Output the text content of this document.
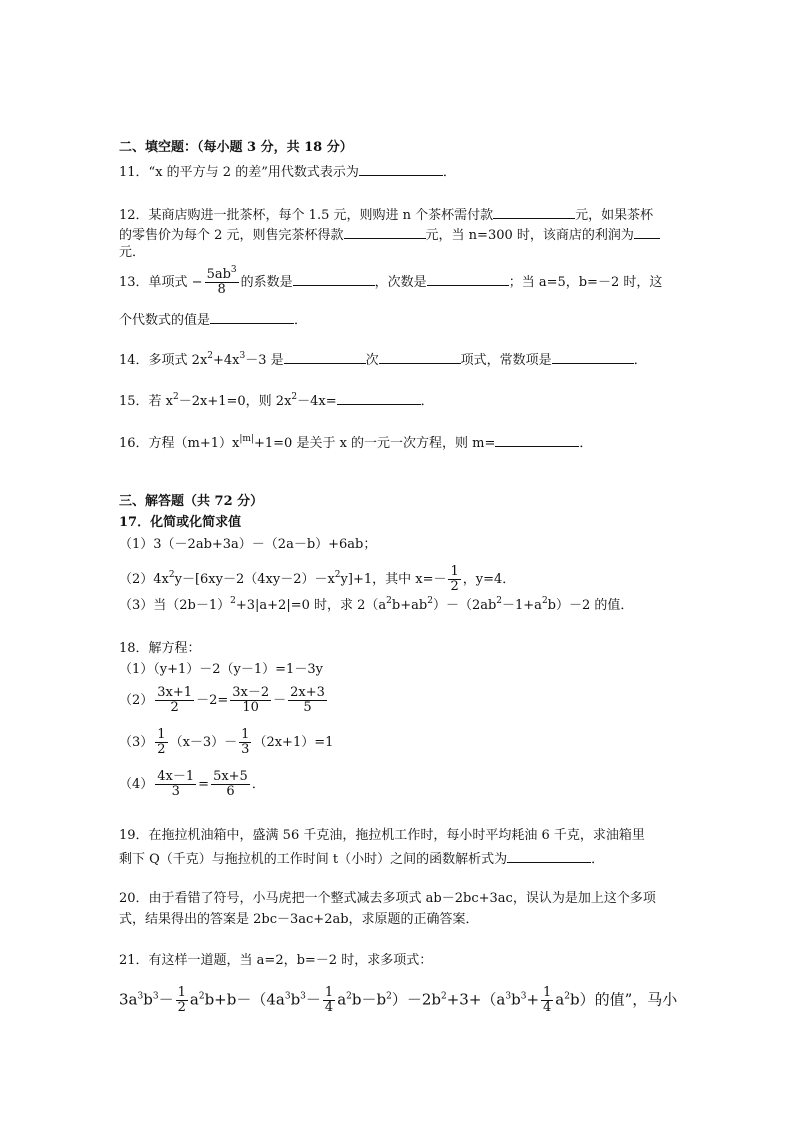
二、填空题：（每小题 3 分，共 18 分）
11．“x 的平方与 2 的差”用代数式表示为	．
12．某商店购进一批茶杯，每个 1.5 元，则购进 n 个茶杯需付款	元，如果茶杯
的零售价为每个 2 元，则售完茶杯得款	元，当 n=300 时，该商店的利润为
元．
13．单项式 − $\frac{5ab^3}{8}$ 的系数是	，次数是	；当 a=5，b=－2 时，这
个代数式的值是	．
14．多项式 $2x^2+4x^3-3$ 是	次	项式，常数项是	．
15．若 $x^2-2x+1=0$，则 $2x^2-4x=$	．
16．方程$(m+1)x^{|m|}+1=0$ 是关于 x 的一元一次方程，则 m=	．
三、解答题（共 72 分）
17．化简或化简求值
（1）3（－2ab+3a）－（2a－b）+6ab；
$(2)4x^2y-[6xy-2(4xy-2)-x^2y]+1$，其中 $x=- \frac{1}{2}$ ，y=4．
（3）当$(2b-1)^2+3|a+2|=0$ 时，求 $2(a^2b+ab^2)-(2ab^2-1+a^2b)-2$ 的值．
18．解方程：
（1）（y+1）－2（y－1）=1－3y
$(2) \frac{3x+1}{2} -2= \frac{3x-2}{10} - \frac{2x+3}{5}$
$(3) \frac{1}{2} (x-3)- \frac{1}{3} (2x+1)=1$
$(4) \frac{4x-1}{3} = \frac{5x+5}{6}$ ．
19．在拖拉机油箱中，盛满 56 千克油，拖拉机工作时，每小时平均耗油 6 千克，求油箱里
剩下 Q（千克）与拖拉机的工作时间 t（小时）之间的函数解析式为	．
20．由于看错了符号，小马虎把一个整式减去多项式 ab－2bc+3ac，误认为是加上这个多项
式，结果得出的答案是 2bc－3ac+2ab，求原题的正确答案．
21．有这样一道题，当 a=2，b=－2 时，求多项式：
$3a^3b^3- \frac{1}{2} a^2b+b-(4a^3b^3- \frac{1}{4} a^2b-b^2)-2b^2+3+(a^3b^3+ \frac{1}{4} a^2b)$的值”，马小
